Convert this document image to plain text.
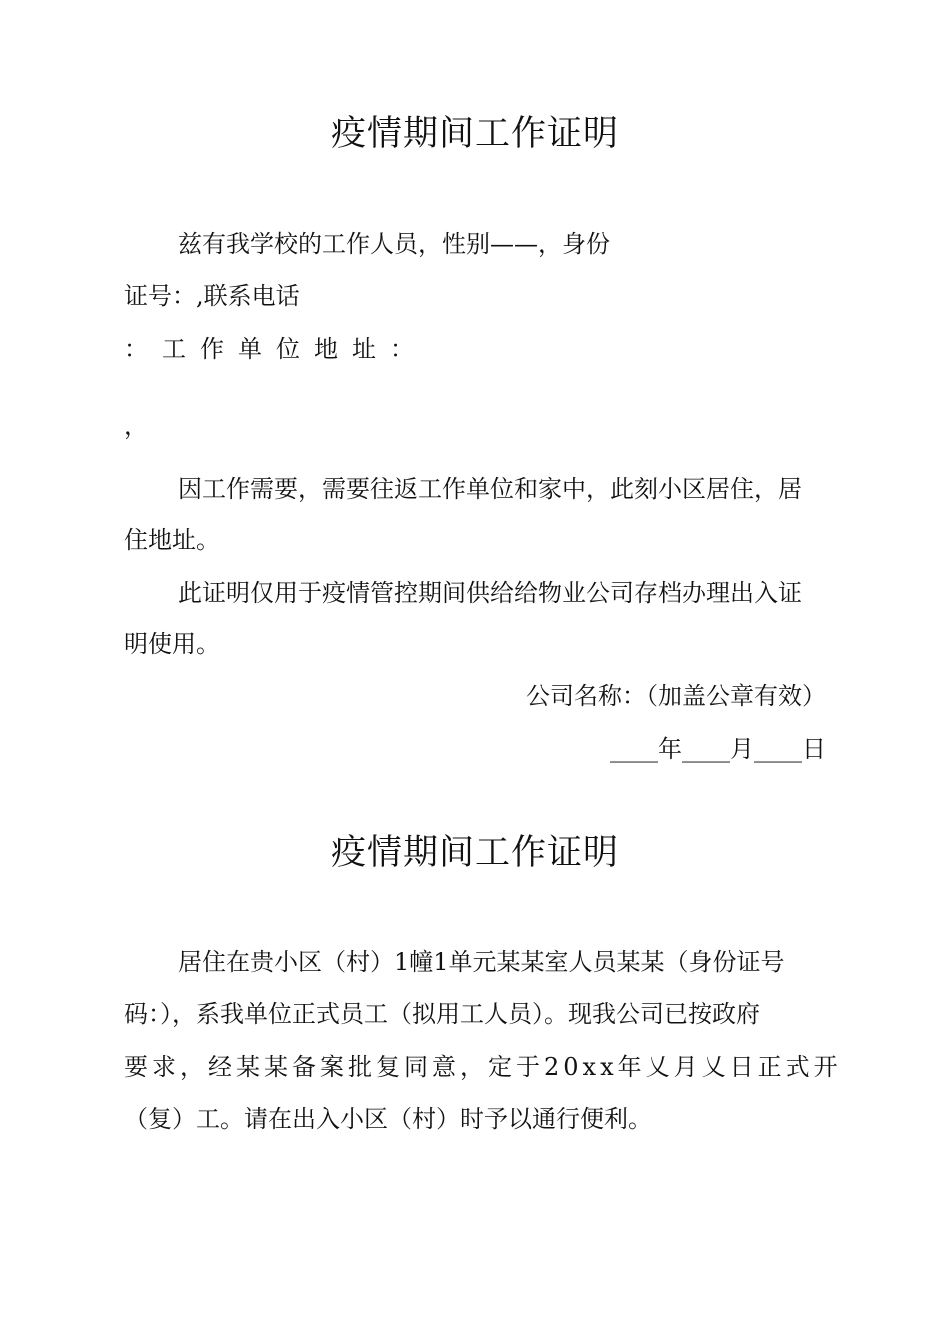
疫情期间工作证明
兹有我学校的工作人员，性别——，身份
证号：,联系电话
：工作单位地址：
，
因工作需要，需要往返工作单位和家中，此刻小区居住，居
住地址。
此证明仅用于疫情管控期间供给给物业公司存档办理出入证
明使用。
公司名称：（加盖公章有效）
____年____月____日
疫情期间工作证明
居住在贵小区（村）1幢1单元某某室人员某某（身份证号
码：），系我单位正式员工（拟用工人员）。现我公司已按政府
要求，经某某备案批复同意，定于20xx年乂月乂日正式开
（复）工。请在出入小区（村）时予以通行便利。
